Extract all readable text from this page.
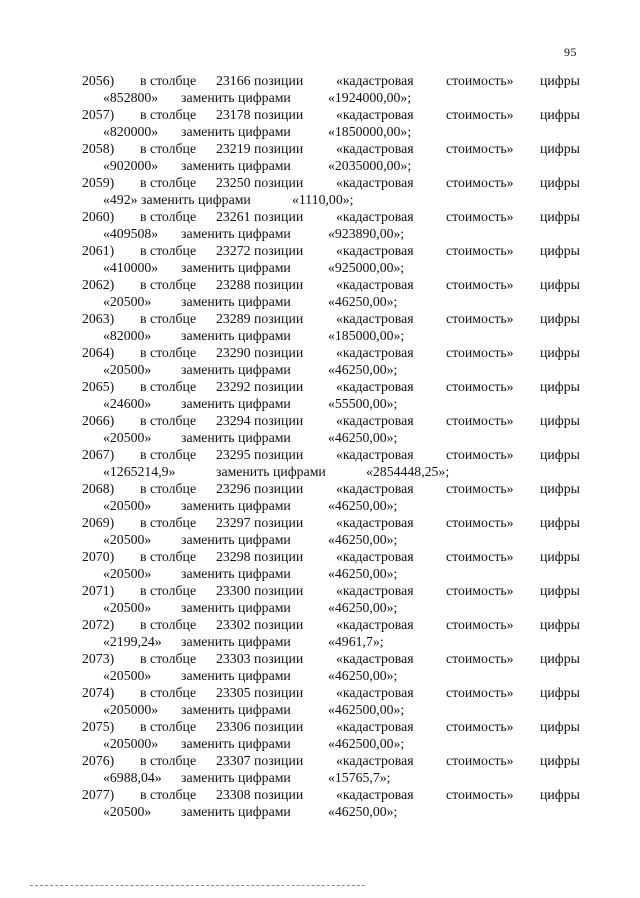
95
2056) в столбце 23166 позиции «кадастровая стоимость» цифры
«852800» заменить цифрами	«1924000,00»;
2057) в столбце 23178 позиции «кадастровая стоимость» цифры
«820000» заменить цифрами	«1850000,00»;
2058) в столбце 23219 позиции «кадастровая стоимость» цифры
«902000» заменить цифрами	«2035000,00»;
2059) в столбце 23250 позиции «кадастровая стоимость» цифры
«492» заменить цифрами	«1110,00»;
2060) в столбце 23261 позиции «кадастровая стоимость» цифры
«409508» заменить цифрами	«923890,00»;
2061) в столбце 23272 позиции «кадастровая стоимость» цифры
«410000» заменить цифрами	«925000,00»;
2062) в столбце 23288 позиции «кадастровая стоимость» цифры
«20500» заменить цифрами	«46250,00»;
2063) в столбце 23289 позиции «кадастровая стоимость» цифры
«82000» заменить цифрами	«185000,00»;
2064) в столбце 23290 позиции «кадастровая стоимость» цифры
«20500» заменить цифрами	«46250,00»;
2065) в столбце 23292 позиции «кадастровая стоимость» цифры
«24600» заменить цифрами	«55500,00»;
2066) в столбце 23294 позиции «кадастровая стоимость» цифры
«20500» заменить цифрами	«46250,00»;
2067) в столбце 23295 позиции «кадастровая стоимость» цифры
«1265214,9»	заменить цифрами	«2854448,25»;
2068) в столбце 23296 позиции «кадастровая стоимость» цифры
«20500» заменить цифрами	«46250,00»;
2069) в столбце 23297 позиции «кадастровая стоимость» цифры
«20500» заменить цифрами	«46250,00»;
2070) в столбце 23298 позиции «кадастровая стоимость» цифры
«20500» заменить цифрами	«46250,00»;
2071) в столбце 23300 позиции «кадастровая стоимость» цифры
«20500» заменить цифрами	«46250,00»;
2072) в столбце 23302 позиции «кадастровая стоимость» цифры
«2199,24» заменить цифрами	«4961,7»;
2073) в столбце 23303 позиции «кадастровая стоимость» цифры
«20500» заменить цифрами	«46250,00»;
2074) в столбце 23305 позиции «кадастровая стоимость» цифры
«205000» заменить цифрами	«462500,00»;
2075) в столбце 23306 позиции «кадастровая стоимость» цифры
«205000» заменить цифрами	«462500,00»;
2076) в столбце 23307 позиции «кадастровая стоимость» цифры
«6988,04» заменить цифрами	«15765,7»;
2077) в столбце 23308 позиции «кадастровая стоимость» цифры
«20500» заменить цифрами	«46250,00»;
